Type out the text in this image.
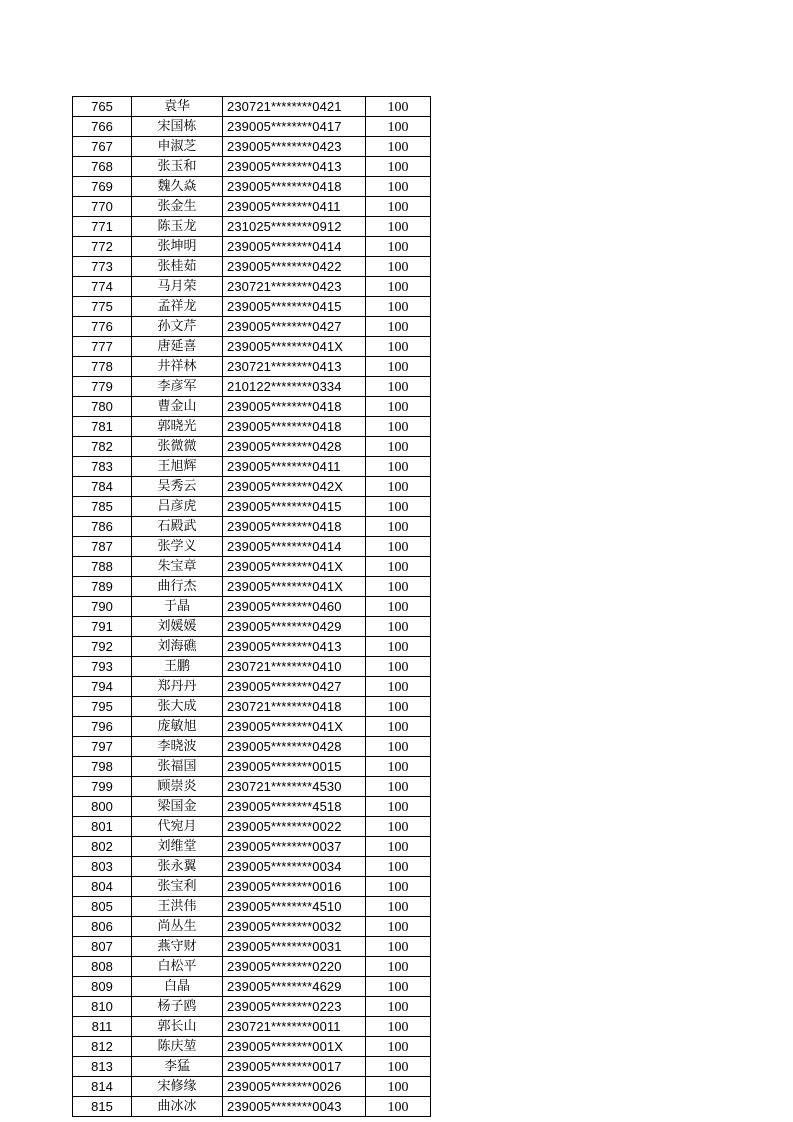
765	袁华	230721********0421	100
766	宋国栋	239005********0417	100
767	申淑芝	239005********0423	100
768	张玉和	239005********0413	100
769	魏久焱	239005********0418	100
770	张金生	239005********0411	100
771	陈玉龙	231025********0912	100
772	张坤明	239005********0414	100
773	张桂茹	239005********0422	100
774	马月荣	230721********0423	100
775	孟祥龙	239005********0415	100
776	孙文芹	239005********0427	100
777	唐延喜	239005********041X	100
778	井祥林	230721********0413	100
779	李彦军	210122********0334	100
780	曹金山	239005********0418	100
781	郭晓光	239005********0418	100
782	张微微	239005********0428	100
783	王旭辉	239005********0411	100
784	吴秀云	239005********042X	100
785	吕彦虎	239005********0415	100
786	石殿武	239005********0418	100
787	张学义	239005********0414	100
788	朱宝章	239005********041X	100
789	曲行杰	239005********041X	100
790	于晶	239005********0460	100
791	刘媛媛	239005********0429	100
792	刘海礁	239005********0413	100
793	王鹏	230721********0410	100
794	郑丹丹	239005********0427	100
795	张大成	230721********0418	100
796	庞敏旭	239005********041X	100
797	李晓波	239005********0428	100
798	张福国	239005********0015	100
799	顾崇炎	230721********4530	100
800	梁国金	239005********4518	100
801	代宛月	239005********0022	100
802	刘维堂	239005********0037	100
803	张永翼	239005********0034	100
804	张宝利	239005********0016	100
805	王洪伟	239005********4510	100
806	尚丛生	239005********0032	100
807	燕守财	239005********0031	100
808	白松平	239005********0220	100
809	白晶	239005********4629	100
810	杨子鸥	239005********0223	100
811	郭长山	230721********0011	100
812	陈庆堃	239005********001X	100
813	李猛	239005********0017	100
814	宋修缘	239005********0026	100
815	曲冰冰	239005********0043	100
